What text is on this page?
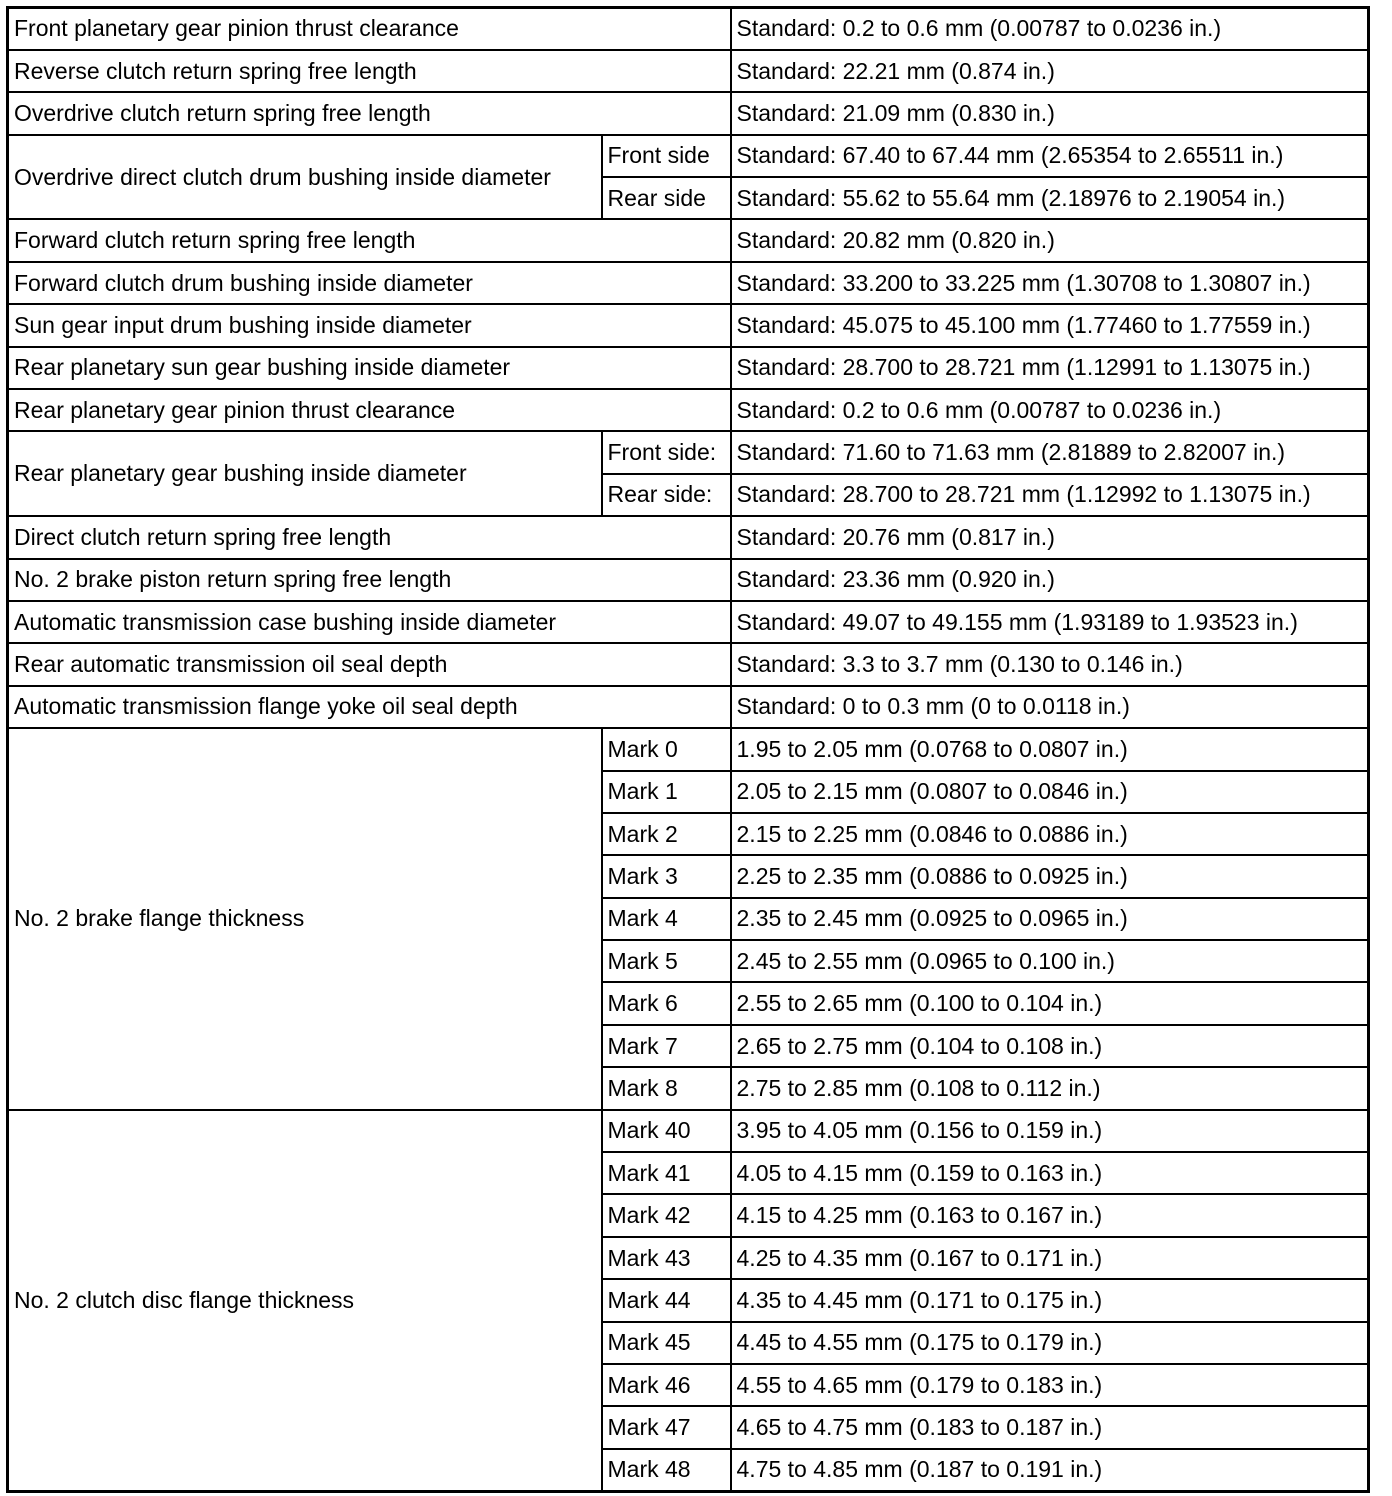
Front planetary gear pinion thrust clearance		Standard: 0.2 to 0.6 mm (0.00787 to 0.0236 in.)
Reverse clutch return spring free length		Standard: 22.21 mm (0.874 in.)
Overdrive clutch return spring free length		Standard: 21.09 mm (0.830 in.)
Overdrive direct clutch drum bushing inside diameter	Front side	Standard: 67.40 to 67.44 mm (2.65354 to 2.65511 in.)
	Rear side	Standard: 55.62 to 55.64 mm (2.18976 to 2.19054 in.)
Forward clutch return spring free length		Standard: 20.82 mm (0.820 in.)
Forward clutch drum bushing inside diameter		Standard: 33.200 to 33.225 mm (1.30708 to 1.30807 in.)
Sun gear input drum bushing inside diameter		Standard: 45.075 to 45.100 mm (1.77460 to 1.77559 in.)
Rear planetary sun gear bushing inside diameter		Standard: 28.700 to 28.721 mm (1.12991 to 1.13075 in.)
Rear planetary gear pinion thrust clearance		Standard: 0.2 to 0.6 mm (0.00787 to 0.0236 in.)
Rear planetary gear bushing inside diameter	Front side:	Standard: 71.60 to 71.63 mm (2.81889 to 2.82007 in.)
	Rear side:	Standard: 28.700 to 28.721 mm (1.12992 to 1.13075 in.)
Direct clutch return spring free length		Standard: 20.76 mm (0.817 in.)
No. 2 brake piston return spring free length		Standard: 23.36 mm (0.920 in.)
Automatic transmission case bushing inside diameter		Standard: 49.07 to 49.155 mm (1.93189 to 1.93523 in.)
Rear automatic transmission oil seal depth		Standard: 3.3 to 3.7 mm (0.130 to 0.146 in.)
Automatic transmission flange yoke oil seal depth		Standard: 0 to 0.3 mm (0 to 0.0118 in.)
No. 2 brake flange thickness	Mark 0	1.95 to 2.05 mm (0.0768 to 0.0807 in.)
	Mark 1	2.05 to 2.15 mm (0.0807 to 0.0846 in.)
	Mark 2	2.15 to 2.25 mm (0.0846 to 0.0886 in.)
	Mark 3	2.25 to 2.35 mm (0.0886 to 0.0925 in.)
	Mark 4	2.35 to 2.45 mm (0.0925 to 0.0965 in.)
	Mark 5	2.45 to 2.55 mm (0.0965 to 0.100 in.)
	Mark 6	2.55 to 2.65 mm (0.100 to 0.104 in.)
	Mark 7	2.65 to 2.75 mm (0.104 to 0.108 in.)
	Mark 8	2.75 to 2.85 mm (0.108 to 0.112 in.)
No. 2 clutch disc flange thickness	Mark 40	3.95 to 4.05 mm (0.156 to 0.159 in.)
	Mark 41	4.05 to 4.15 mm (0.159 to 0.163 in.)
	Mark 42	4.15 to 4.25 mm (0.163 to 0.167 in.)
	Mark 43	4.25 to 4.35 mm (0.167 to 0.171 in.)
	Mark 44	4.35 to 4.45 mm (0.171 to 0.175 in.)
	Mark 45	4.45 to 4.55 mm (0.175 to 0.179 in.)
	Mark 46	4.55 to 4.65 mm (0.179 to 0.183 in.)
	Mark 47	4.65 to 4.75 mm (0.183 to 0.187 in.)
	Mark 48	4.75 to 4.85 mm (0.187 to 0.191 in.)
